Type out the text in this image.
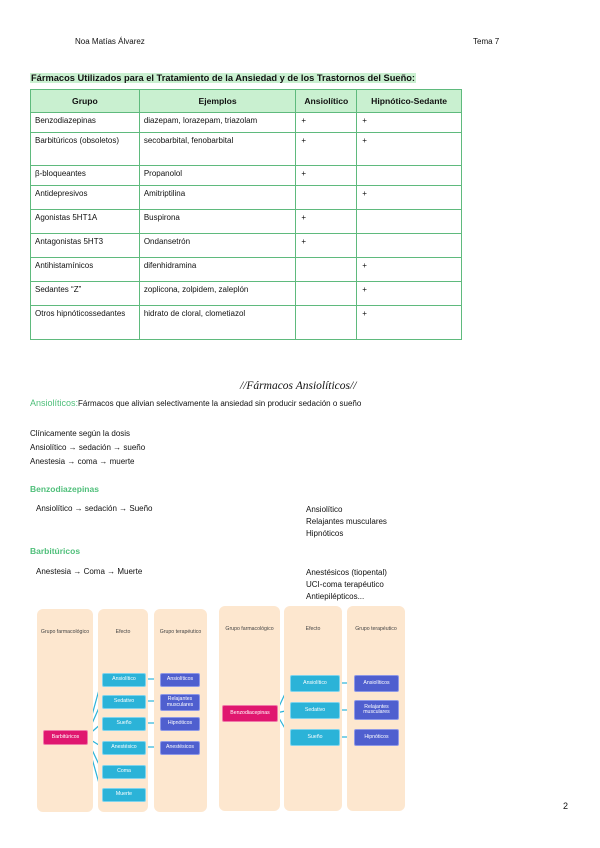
Noa Matías Álvarez	Tema 7
Fármacos Utilizados para el Tratamiento de la Ansiedad y de los Trastornos del Sueño:
Grupo	Ejemplos	Ansiolítico	Hipnótico-Sedante
Benzodiazepinas	diazepam, lorazepam, triazolam	+	+
Barbitúricos (obsoletos)	secobarbital, fenobarbital	+	+
β-bloqueantes	Propanolol	+	
Antidepresivos	Amitriptilina		+
Agonistas 5HT1A	Buspirona	+	
Antagonistas 5HT3	Ondansetrón	+	
Antihistamínicos	difenhidramina		+
Sedantes “Z”	zoplicona, zolpidem, zaleplón		+
Otros hipnóticossedantes	hidrato de cloral, clometiazol		+
//Fármacos Ansiolíticos//
Ansiolíticos:Fármacos que alivian selectivamente la ansiedad sin producir sedación o sueño
Clínicamente según la dosis
Ansiolítico → sedación → sueño
Anestesia → coma → muerte
Benzodiazepinas
Ansiolítico → sedación → Sueño	Ansiolítico
Relajantes musculares
Hipnóticos
Barbitúricos
Anestesia → Coma → Muerte	Anestésicos (tiopental)
UCI-coma terapéutico
Antiepilépticos...
Grupo farmacológico	Efecto	Grupo terapéutico
Barbitúricos
Ansiolítico
Sedativo
Sueño
Anestésico
Coma
Muerte
Ansiolíticos
Relajantes musculares
Hipnóticos
Anestésicos
Grupo farmacológico	Efecto	Grupo terapéutico
Benzodiacepinas
Ansiolítico
Sedativo
Sueño
Ansiolíticos
Relajantes musculares
Hipnóticos
2
